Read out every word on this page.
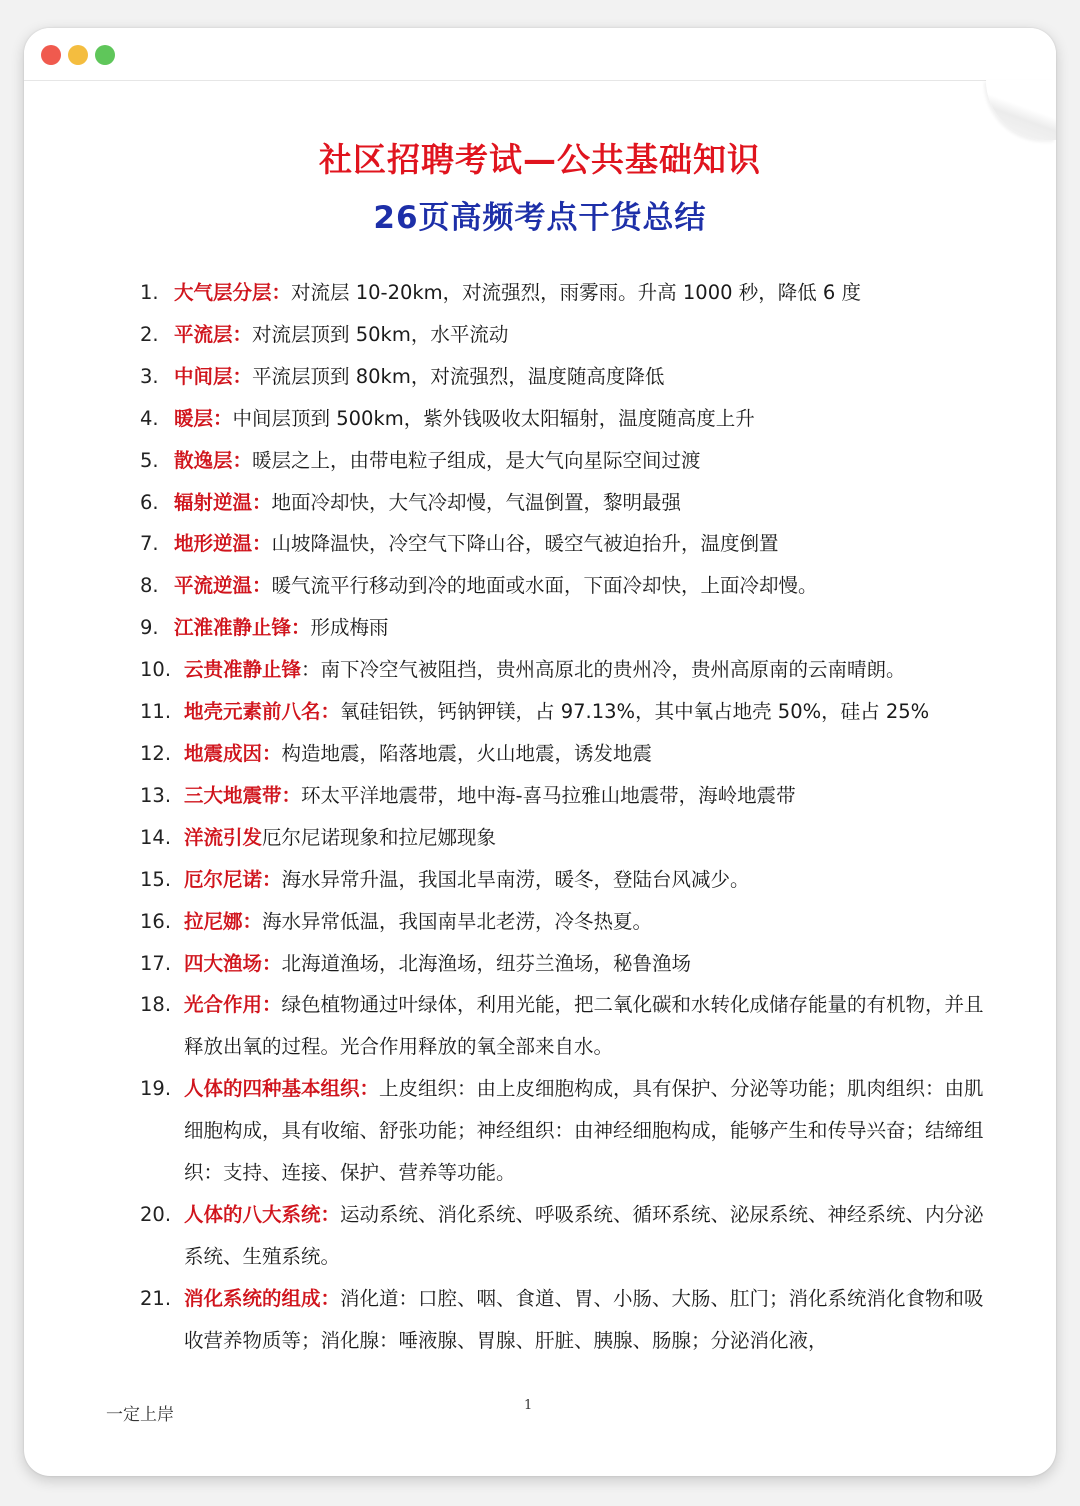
社区招聘考试—公共基础知识
26页高频考点干货总结
1. 大气层分层：对流层 10-20km，对流强烈，雨雾雨。升高 1000 秒，降低 6 度
2. 平流层：对流层顶到 50km，水平流动
3. 中间层：平流层顶到 80km，对流强烈，温度随高度降低
4. 暖层：中间层顶到 500km，紫外钱吸收太阳辐射，温度随高度上升
5. 散逸层：暖层之上，由带电粒子组成，是大气向星际空间过渡
6. 辐射逆温：地面冷却快，大气冷却慢，气温倒置，黎明最强
7. 地形逆温：山坡降温快，冷空气下降山谷，暖空气被迫抬升，温度倒置
8. 平流逆温：暖气流平行移动到冷的地面或水面，下面冷却快，上面冷却慢。
9. 江淮准静止锋：形成梅雨
10. 云贵准静止锋：南下冷空气被阻挡，贵州高原北的贵州冷，贵州高原南的云南晴朗。
11. 地壳元素前八名：氧硅铝铁，钙钠钾镁，占 97.13%，其中氧占地壳 50%，硅占 25%
12. 地震成因：构造地震，陷落地震，火山地震，诱发地震
13. 三大地震带：环太平洋地震带，地中海-喜马拉雅山地震带，海岭地震带
14. 洋流引发厄尔尼诺现象和拉尼娜现象
15. 厄尔尼诺：海水异常升温，我国北旱南涝，暖冬，登陆台风减少。
16. 拉尼娜：海水异常低温，我国南旱北老涝，冷冬热夏。
17. 四大渔场：北海道渔场，北海渔场，纽芬兰渔场，秘鲁渔场
18. 光合作用：绿色植物通过叶绿体，利用光能，把二氧化碳和水转化成储存能量的有机物，并且释放出氧的过程。光合作用释放的氧全部来自水。
19. 人体的四种基本组织：上皮组织：由上皮细胞构成，具有保护、分泌等功能；肌肉组织：由肌细胞构成，具有收缩、舒张功能；神经组织：由神经细胞构成，能够产生和传导兴奋；结缔组织：支持、连接、保护、营养等功能。
20. 人体的八大系统：运动系统、消化系统、呼吸系统、循环系统、泌尿系统、神经系统、内分泌系统、生殖系统。
21. 消化系统的组成：消化道：口腔、咽、食道、胃、小肠、大肠、肛门；消化系统消化食物和吸收营养物质等；消化腺：唾液腺、胃腺、肝脏、胰腺、肠腺；分泌消化液，
一定上岸	1
